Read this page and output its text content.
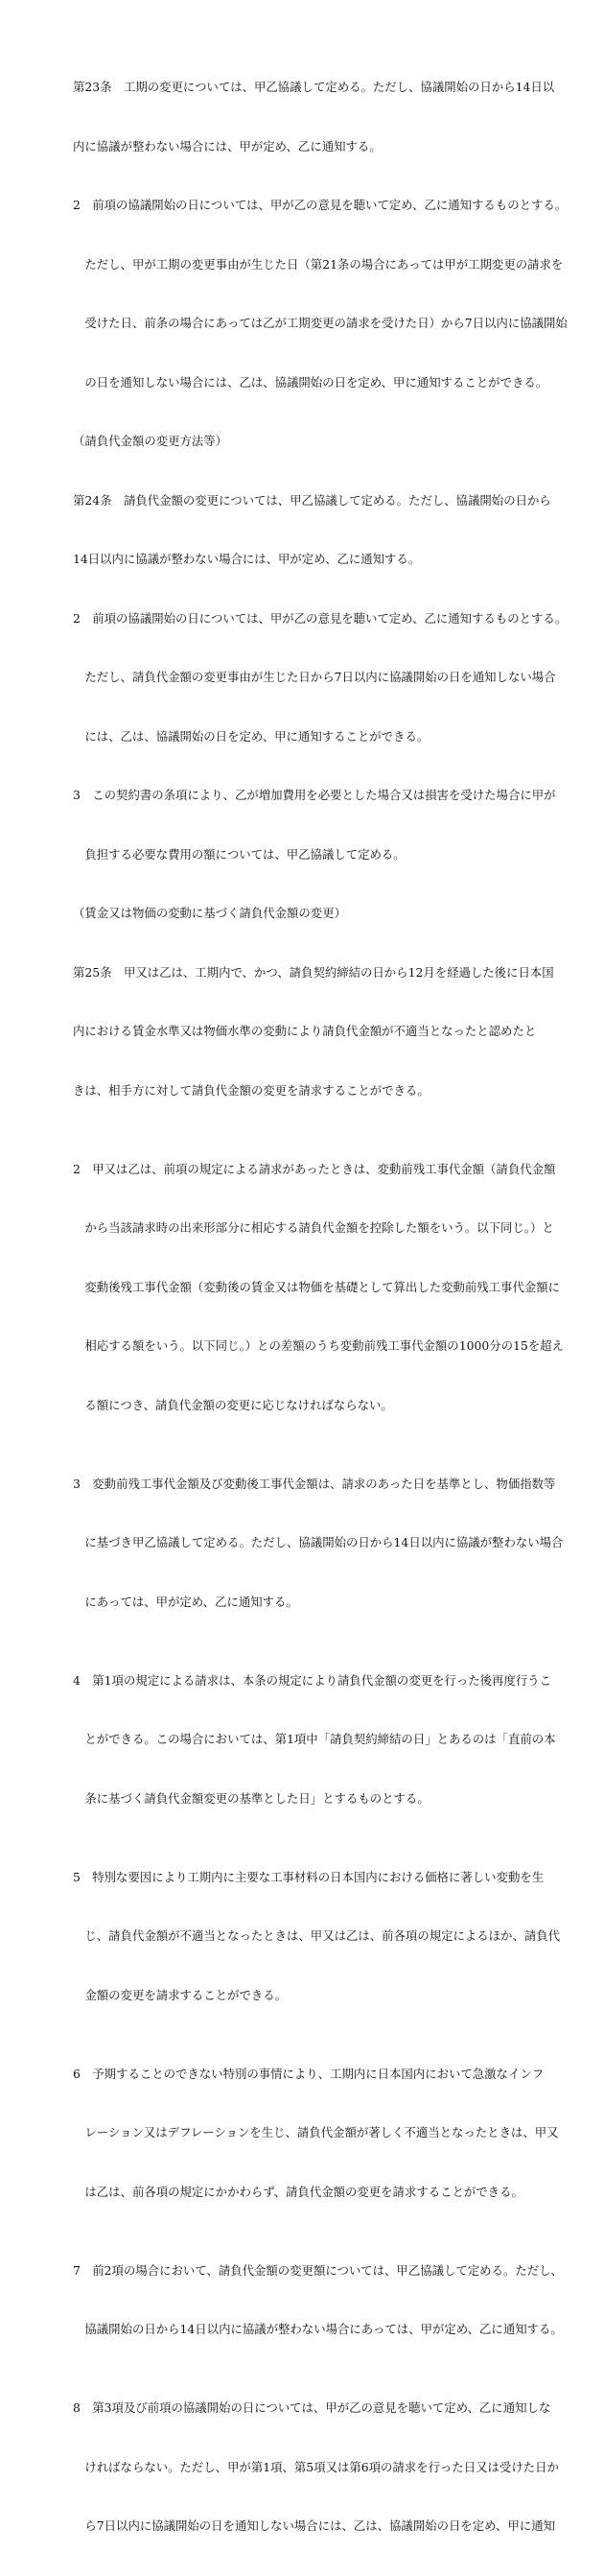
第23条　工期の変更については、甲乙協議して定める。ただし、協議開始の日から14日以

内に協議が整わない場合には、甲が定め、乙に通知する。

2　前項の協議開始の日については、甲が乙の意見を聴いて定め、乙に通知するものとする。

　ただし、甲が工期の変更事由が生じた日（第21条の場合にあっては甲が工期変更の請求を

　受けた日、前条の場合にあっては乙が工期変更の請求を受けた日）から7日以内に協議開始

　の日を通知しない場合には、乙は、協議開始の日を定め、甲に通知することができる。

（請負代金額の変更方法等）

第24条　請負代金額の変更については、甲乙協議して定める。ただし、協議開始の日から

14日以内に協議が整わない場合には、甲が定め、乙に通知する。

2　前項の協議開始の日については、甲が乙の意見を聴いて定め、乙に通知するものとする。

　ただし、請負代金額の変更事由が生じた日から7日以内に協議開始の日を通知しない場合

　には、乙は、協議開始の日を定め、甲に通知することができる。

3　この契約書の条項により、乙が増加費用を必要とした場合又は損害を受けた場合に甲が

　負担する必要な費用の額については、甲乙協議して定める。

（賃金又は物価の変動に基づく請負代金額の変更）

第25条　甲又は乙は、工期内で、かつ、請負契約締結の日から12月を経過した後に日本国

内における賃金水準又は物価水準の変動により請負代金額が不適当となったと認めたと

きは、相手方に対して請負代金額の変更を請求することができる。

2　甲又は乙は、前項の規定による請求があったときは、変動前残工事代金額（請負代金額

　から当該請求時の出来形部分に相応する請負代金額を控除した額をいう。以下同じ。）と

　変動後残工事代金額（変動後の賃金又は物価を基礎として算出した変動前残工事代金額に

　相応する額をいう。以下同じ。）との差額のうち変動前残工事代金額の1000分の15を超え

　る額につき、請負代金額の変更に応じなければならない。

3　変動前残工事代金額及び変動後工事代金額は、請求のあった日を基準とし、物価指数等

　に基づき甲乙協議して定める。ただし、協議開始の日から14日以内に協議が整わない場合

　にあっては、甲が定め、乙に通知する。

4　第1項の規定による請求は、本条の規定により請負代金額の変更を行った後再度行うこ

　とができる。この場合においては、第1項中「請負契約締結の日」とあるのは「直前の本

　条に基づく請負代金額変更の基準とした日」とするものとする。

5　特別な要因により工期内に主要な工事材料の日本国内における価格に著しい変動を生

　じ、請負代金額が不適当となったときは、甲又は乙は、前各項の規定によるほか、請負代

　金額の変更を請求することができる。

6　予期することのできない特別の事情により、工期内に日本国内において急激なインフ

　レーション又はデフレーションを生じ、請負代金額が著しく不適当となったときは、甲又

　は乙は、前各項の規定にかかわらず、請負代金額の変更を請求することができる。

7　前2項の場合において、請負代金額の変更額については、甲乙協議して定める。ただし、

　協議開始の日から14日以内に協議が整わない場合にあっては、甲が定め、乙に通知する。

8　第3項及び前項の協議開始の日については、甲が乙の意見を聴いて定め、乙に通知しな

　ければならない。ただし、甲が第1項、第5項又は第6項の請求を行った日又は受けた日か

　ら7日以内に協議開始の日を通知しない場合には、乙は、協議開始の日を定め、甲に通知
